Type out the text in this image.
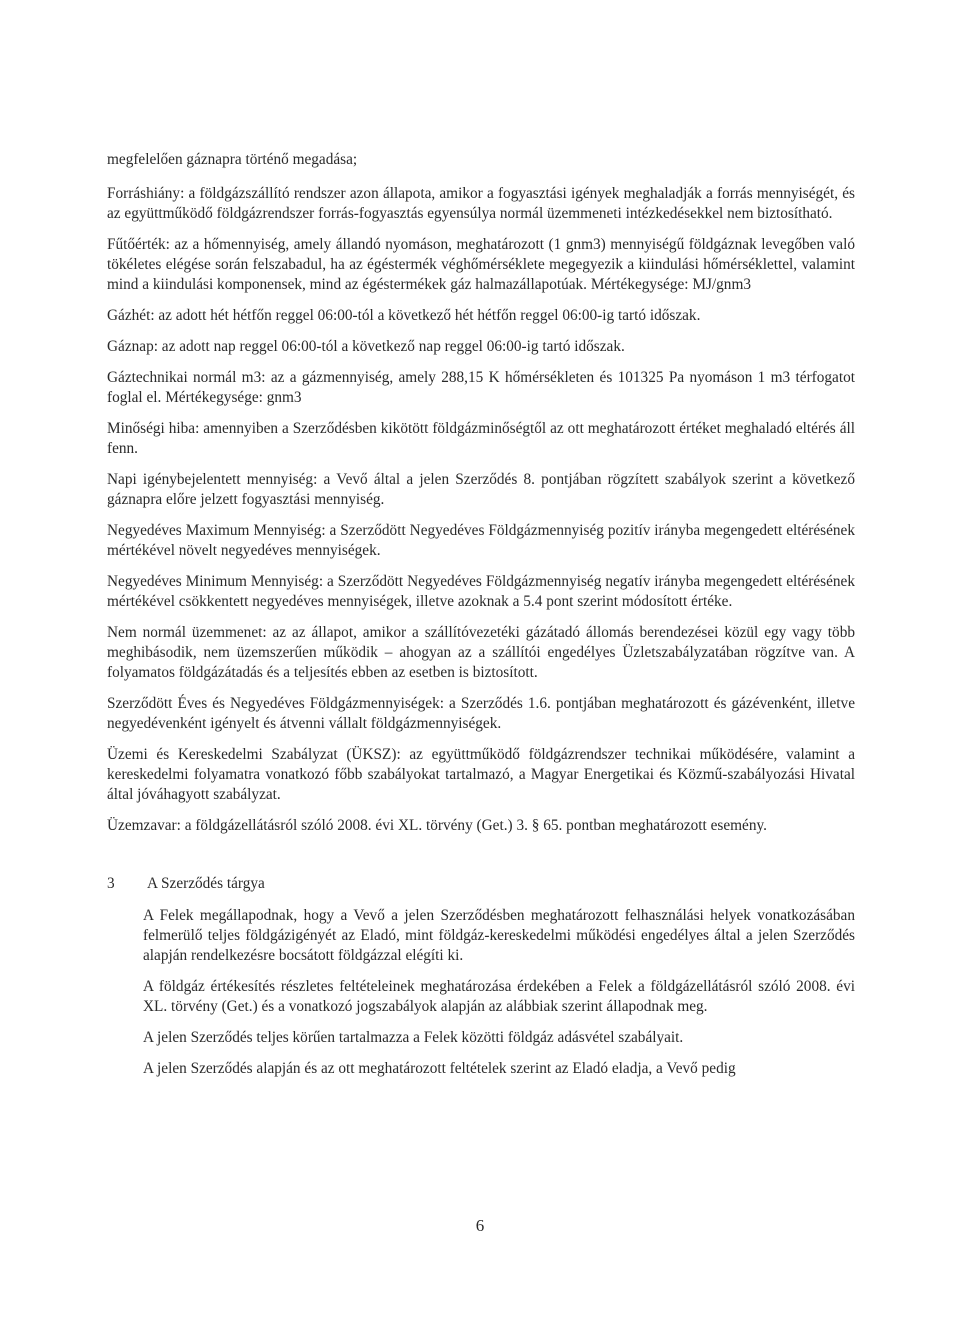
megfelelően gáznapra történő megadása;

Forráshiány: a földgázszállító rendszer azon állapota, amikor a fogyasztási igények meghaladják a forrás mennyiségét, és az együttműködő földgázrendszer forrás-fogyasztás egyensúlya normál üzemmeneti intézkedésekkel nem biztosítható.

Fűtőérték: az a hőmennyiség, amely állandó nyomáson, meghatározott (1 gnm3) mennyiségű földgáznak levegőben való tökéletes elégése során felszabadul, ha az égéstermék véghőmérséklete megegyezik a kiindulási hőmérséklettel, valamint mind a kiindulási komponensek, mind az égéstermékek gáz halmazállapotúak. Mértékegysége: MJ/gnm3

Gázhét: az adott hét hétfőn reggel 06:00-tól a következő hét hétfőn reggel 06:00-ig tartó időszak.

Gáznap: az adott nap reggel 06:00-tól a következő nap reggel 06:00-ig tartó időszak.

Gáztechnikai normál m3: az a gázmennyiség, amely 288,15 K hőmérsékleten és 101325 Pa nyomáson 1 m3 térfogatot foglal el. Mértékegysége: gnm3

Minőségi hiba: amennyiben a Szerződésben kikötött földgázminőségtől az ott meghatározott értéket meghaladó eltérés áll fenn.

Napi igénybejelentett mennyiség: a Vevő által a jelen Szerződés 8. pontjában rögzített szabályok szerint a következő gáznapra előre jelzett fogyasztási mennyiség.

Negyedéves Maximum Mennyiség: a Szerződött Negyedéves Földgázmennyiség pozitív irányba megengedett eltérésének mértékével növelt negyedéves mennyiségek.

Negyedéves Minimum Mennyiség: a Szerződött Negyedéves Földgázmennyiség negatív irányba megengedett eltérésének mértékével csökkentett negyedéves mennyiségek, illetve azoknak a 5.4 pont szerint módosított értéke.

Nem normál üzemmenet: az az állapot, amikor a szállítóvezetéki gázátadó állomás berendezései közül egy vagy több meghibásodik, nem üzemszerűen működik – ahogyan az a szállítói engedélyes Üzletszabályzatában rögzítve van. A folyamatos földgázátadás és a teljesítés ebben az esetben is biztosított.

Szerződött Éves és Negyedéves Földgázmennyiségek: a Szerződés 1.6. pontjában meghatározott és gázévenként, illetve negyedévenként igényelt és átvenni vállalt földgázmennyiségek.

Üzemi és Kereskedelmi Szabályzat (ÜKSZ): az együttműködő földgázrendszer technikai működésére, valamint a kereskedelmi folyamatra vonatkozó főbb szabályokat tartalmazó, a Magyar Energetikai és Közmű-szabályozási Hivatal által jóváhagyott szabályzat.

Üzemzavar: a földgázellátásról szóló 2008. évi XL. törvény (Get.) 3. § 65. pontban meghatározott esemény.

3	A Szerződés tárgya

A Felek megállapodnak, hogy a Vevő a jelen Szerződésben meghatározott felhasználási helyek vonatkozásában felmerülő teljes földgázigényét az Eladó, mint földgáz-kereskedelmi működési engedélyes által a jelen Szerződés alapján rendelkezésre bocsátott földgázzal elégíti ki.

A földgáz értékesítés részletes feltételeinek meghatározása érdekében a Felek a földgázellátásról szóló 2008. évi XL. törvény (Get.) és a vonatkozó jogszabályok alapján az alábbiak szerint állapodnak meg.

A jelen Szerződés teljes körűen tartalmazza a Felek közötti földgáz adásvétel szabályait.

A jelen Szerződés alapján és az ott meghatározott feltételek szerint az Eladó eladja, a Vevő pedig

6
